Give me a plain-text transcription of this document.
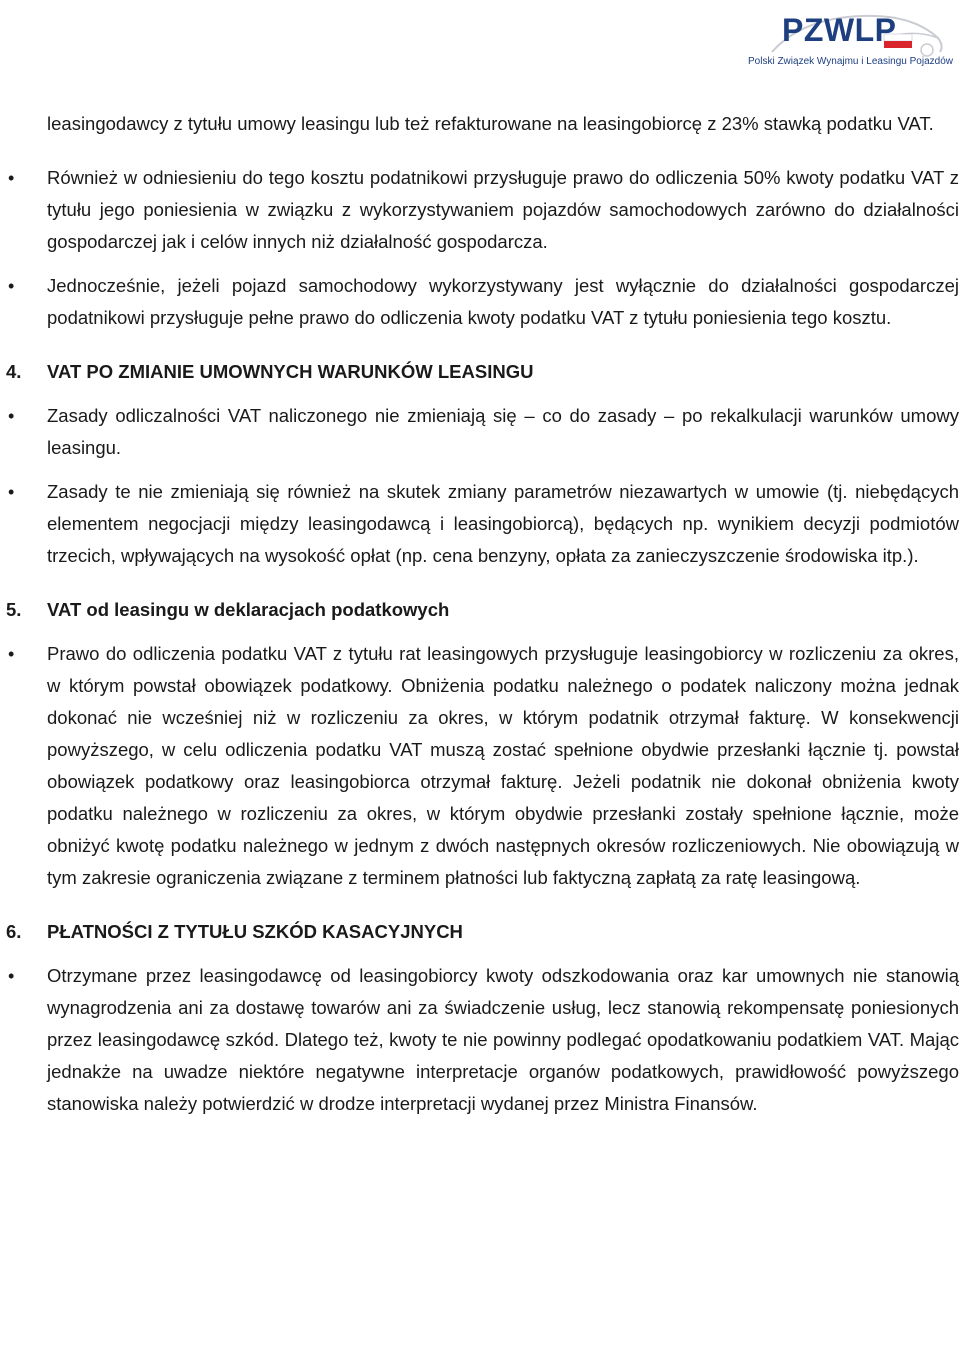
PZWLP
Polski Związek Wynajmu i Leasingu Pojazdów

leasingodawcy z tytułu umowy leasingu lub też refakturowane na leasingobiorcę z 23% stawką podatku VAT.

• Również w odniesieniu do tego kosztu podatnikowi przysługuje prawo do odliczenia 50% kwoty podatku VAT z tytułu jego poniesienia w związku z wykorzystywaniem pojazdów samochodowych zarówno do działalności gospodarczej jak i celów innych niż działalność gospodarcza.
• Jednocześnie, jeżeli pojazd samochodowy wykorzystywany jest wyłącznie do działalności gospodarczej podatnikowi przysługuje pełne prawo do odliczenia kwoty podatku VAT z tytułu poniesienia tego kosztu.
4. VAT PO ZMIANIE UMOWNYCH WARUNKÓW LEASINGU
• Zasady odliczalności VAT naliczonego nie zmieniają się – co do zasady – po rekalkulacji warunków umowy leasingu.
• Zasady te nie zmieniają się również na skutek zmiany parametrów niezawartych w umowie (tj. niebędących elementem negocjacji między leasingodawcą i leasingobiorcą), będących np. wynikiem decyzji podmiotów trzecich, wpływających na wysokość opłat (np. cena benzyny, opłata za zanieczyszczenie środowiska itp.).
5. VAT od leasingu w deklaracjach podatkowych
• Prawo do odliczenia podatku VAT z tytułu rat leasingowych przysługuje leasingobiorcy w rozliczeniu za okres, w którym powstał obowiązek podatkowy. Obniżenia podatku należnego o podatek naliczony można jednak dokonać nie wcześniej niż w rozliczeniu za okres, w którym podatnik otrzymał fakturę. W konsekwencji powyższego, w celu odliczenia podatku VAT muszą zostać spełnione obydwie przesłanki łącznie tj. powstał obowiązek podatkowy oraz leasingobiorca otrzymał fakturę. Jeżeli podatnik nie dokonał obniżenia kwoty podatku należnego w rozliczeniu za okres, w którym obydwie przesłanki zostały spełnione łącznie, może obniżyć kwotę podatku należnego w jednym z dwóch następnych okresów rozliczeniowych. Nie obowiązują w tym zakresie ograniczenia związane z terminem płatności lub faktyczną zapłatą za ratę leasingową.
6. PŁATNOŚCI Z TYTUŁU SZKÓD KASACYJNYCH
• Otrzymane przez leasingodawcę od leasingobiorcy kwoty odszkodowania oraz kar umownych nie stanowią wynagrodzenia ani za dostawę towarów ani za świadczenie usług, lecz stanowią rekompensatę poniesionych przez leasingodawcę szkód. Dlatego też, kwoty te nie powinny podlegać opodatkowaniu podatkiem VAT. Mając jednakże na uwadze niektóre negatywne interpretacje organów podatkowych, prawidłowość powyższego stanowiska należy potwierdzić w drodze interpretacji wydanej przez Ministra Finansów.
